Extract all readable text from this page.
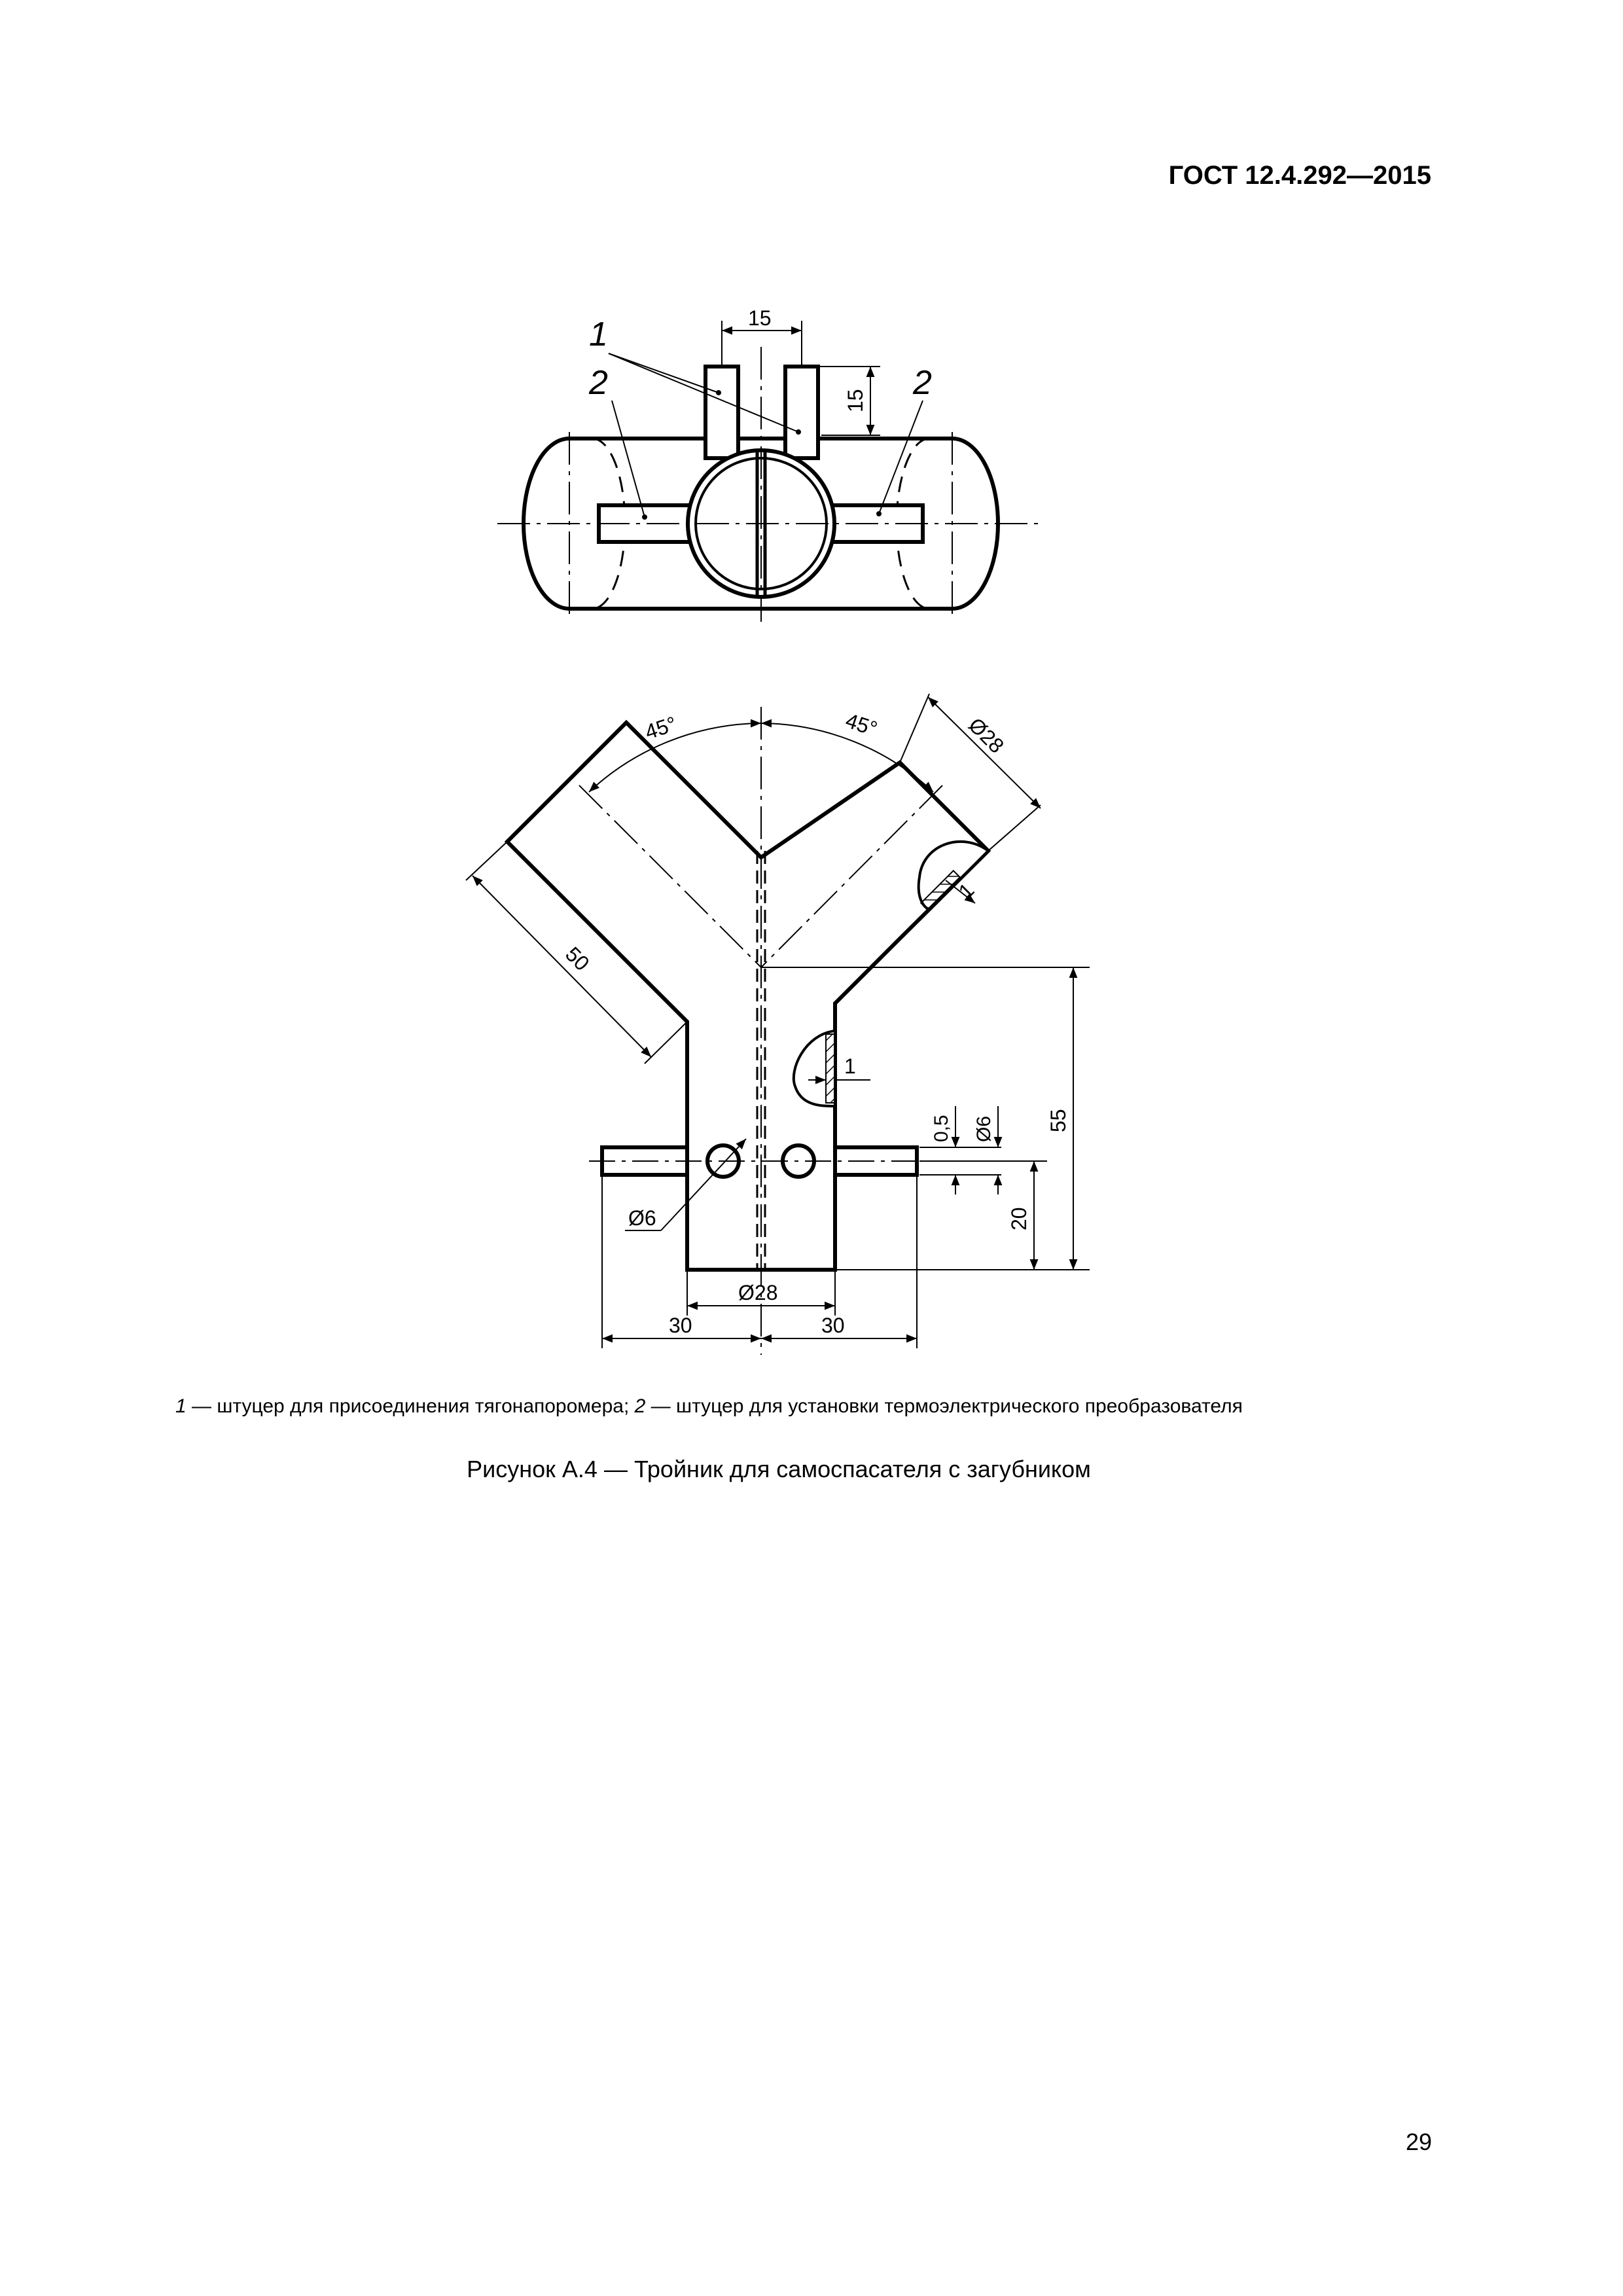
ГОСТ 12.4.292—2015
1
2	2
15
15
45°	45°	Ø28
50
1
1
0,5 Ø6 55
20
Ø6
Ø28
30	30
1 — штуцер для присоединения тягонапоромера; 2 — штуцер для установки термоэлектрического преобразователя
Рисунок А.4 — Тройник для самоспасателя с загубником
29
